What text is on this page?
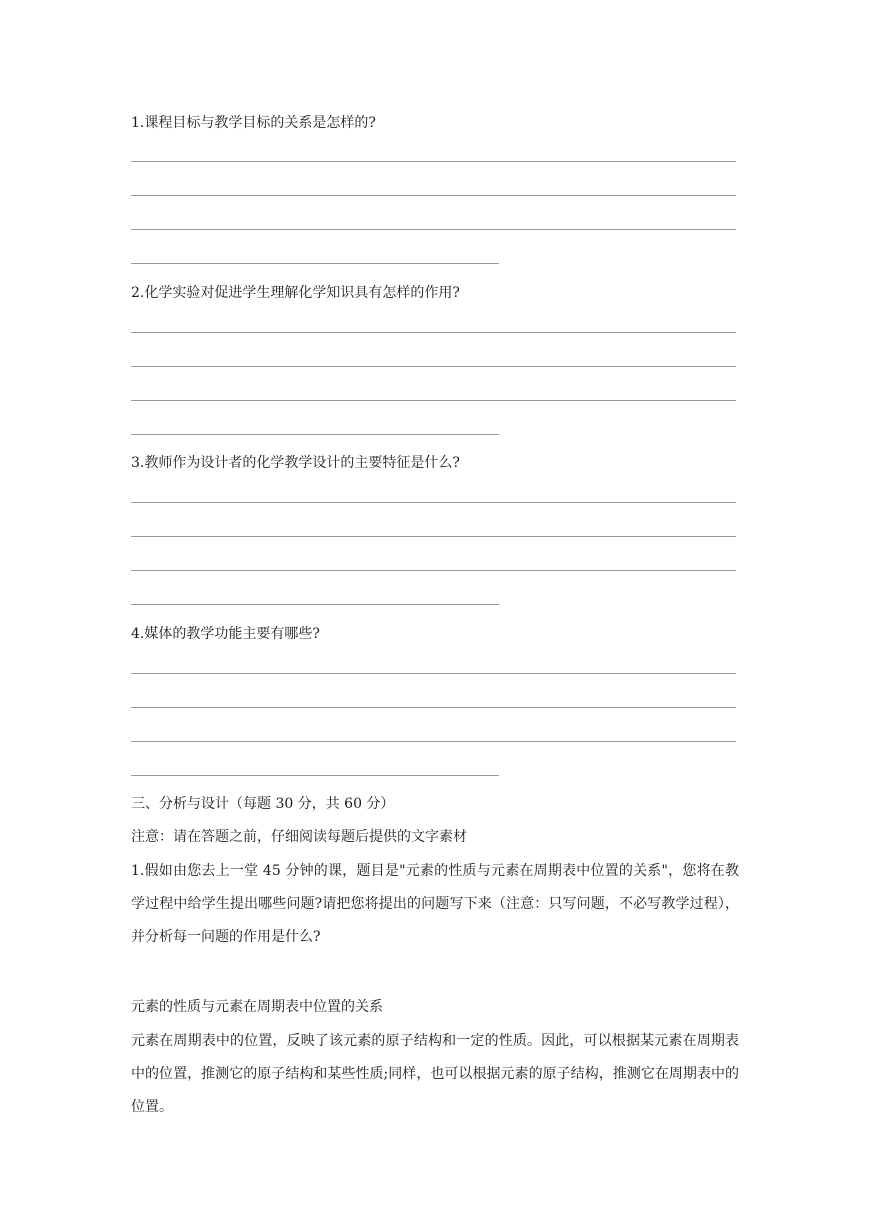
1.课程目标与教学目标的关系是怎样的?
2.化学实验对促进学生理解化学知识具有怎样的作用?
3.教师作为设计者的化学教学设计的主要特征是什么?
4.媒体的教学功能主要有哪些?
三、分析与设计（每题 30 分，共 60 分）
注意：请在答题之前，仔细阅读每题后提供的文字素材
1.假如由您去上一堂 45 分钟的课，题目是"元素的性质与元素在周期表中位置的关系"，您将在教学过程中给学生提出哪些问题?请把您将提出的问题写下来（注意：只写问题，不必写教学过程），并分析每一问题的作用是什么?
元素的性质与元素在周期表中位置的关系
元素在周期表中的位置，反映了该元素的原子结构和一定的性质。因此，可以根据某元素在周期表中的位置，推测它的原子结构和某些性质;同样，也可以根据元素的原子结构，推测它在周期表中的位置。
